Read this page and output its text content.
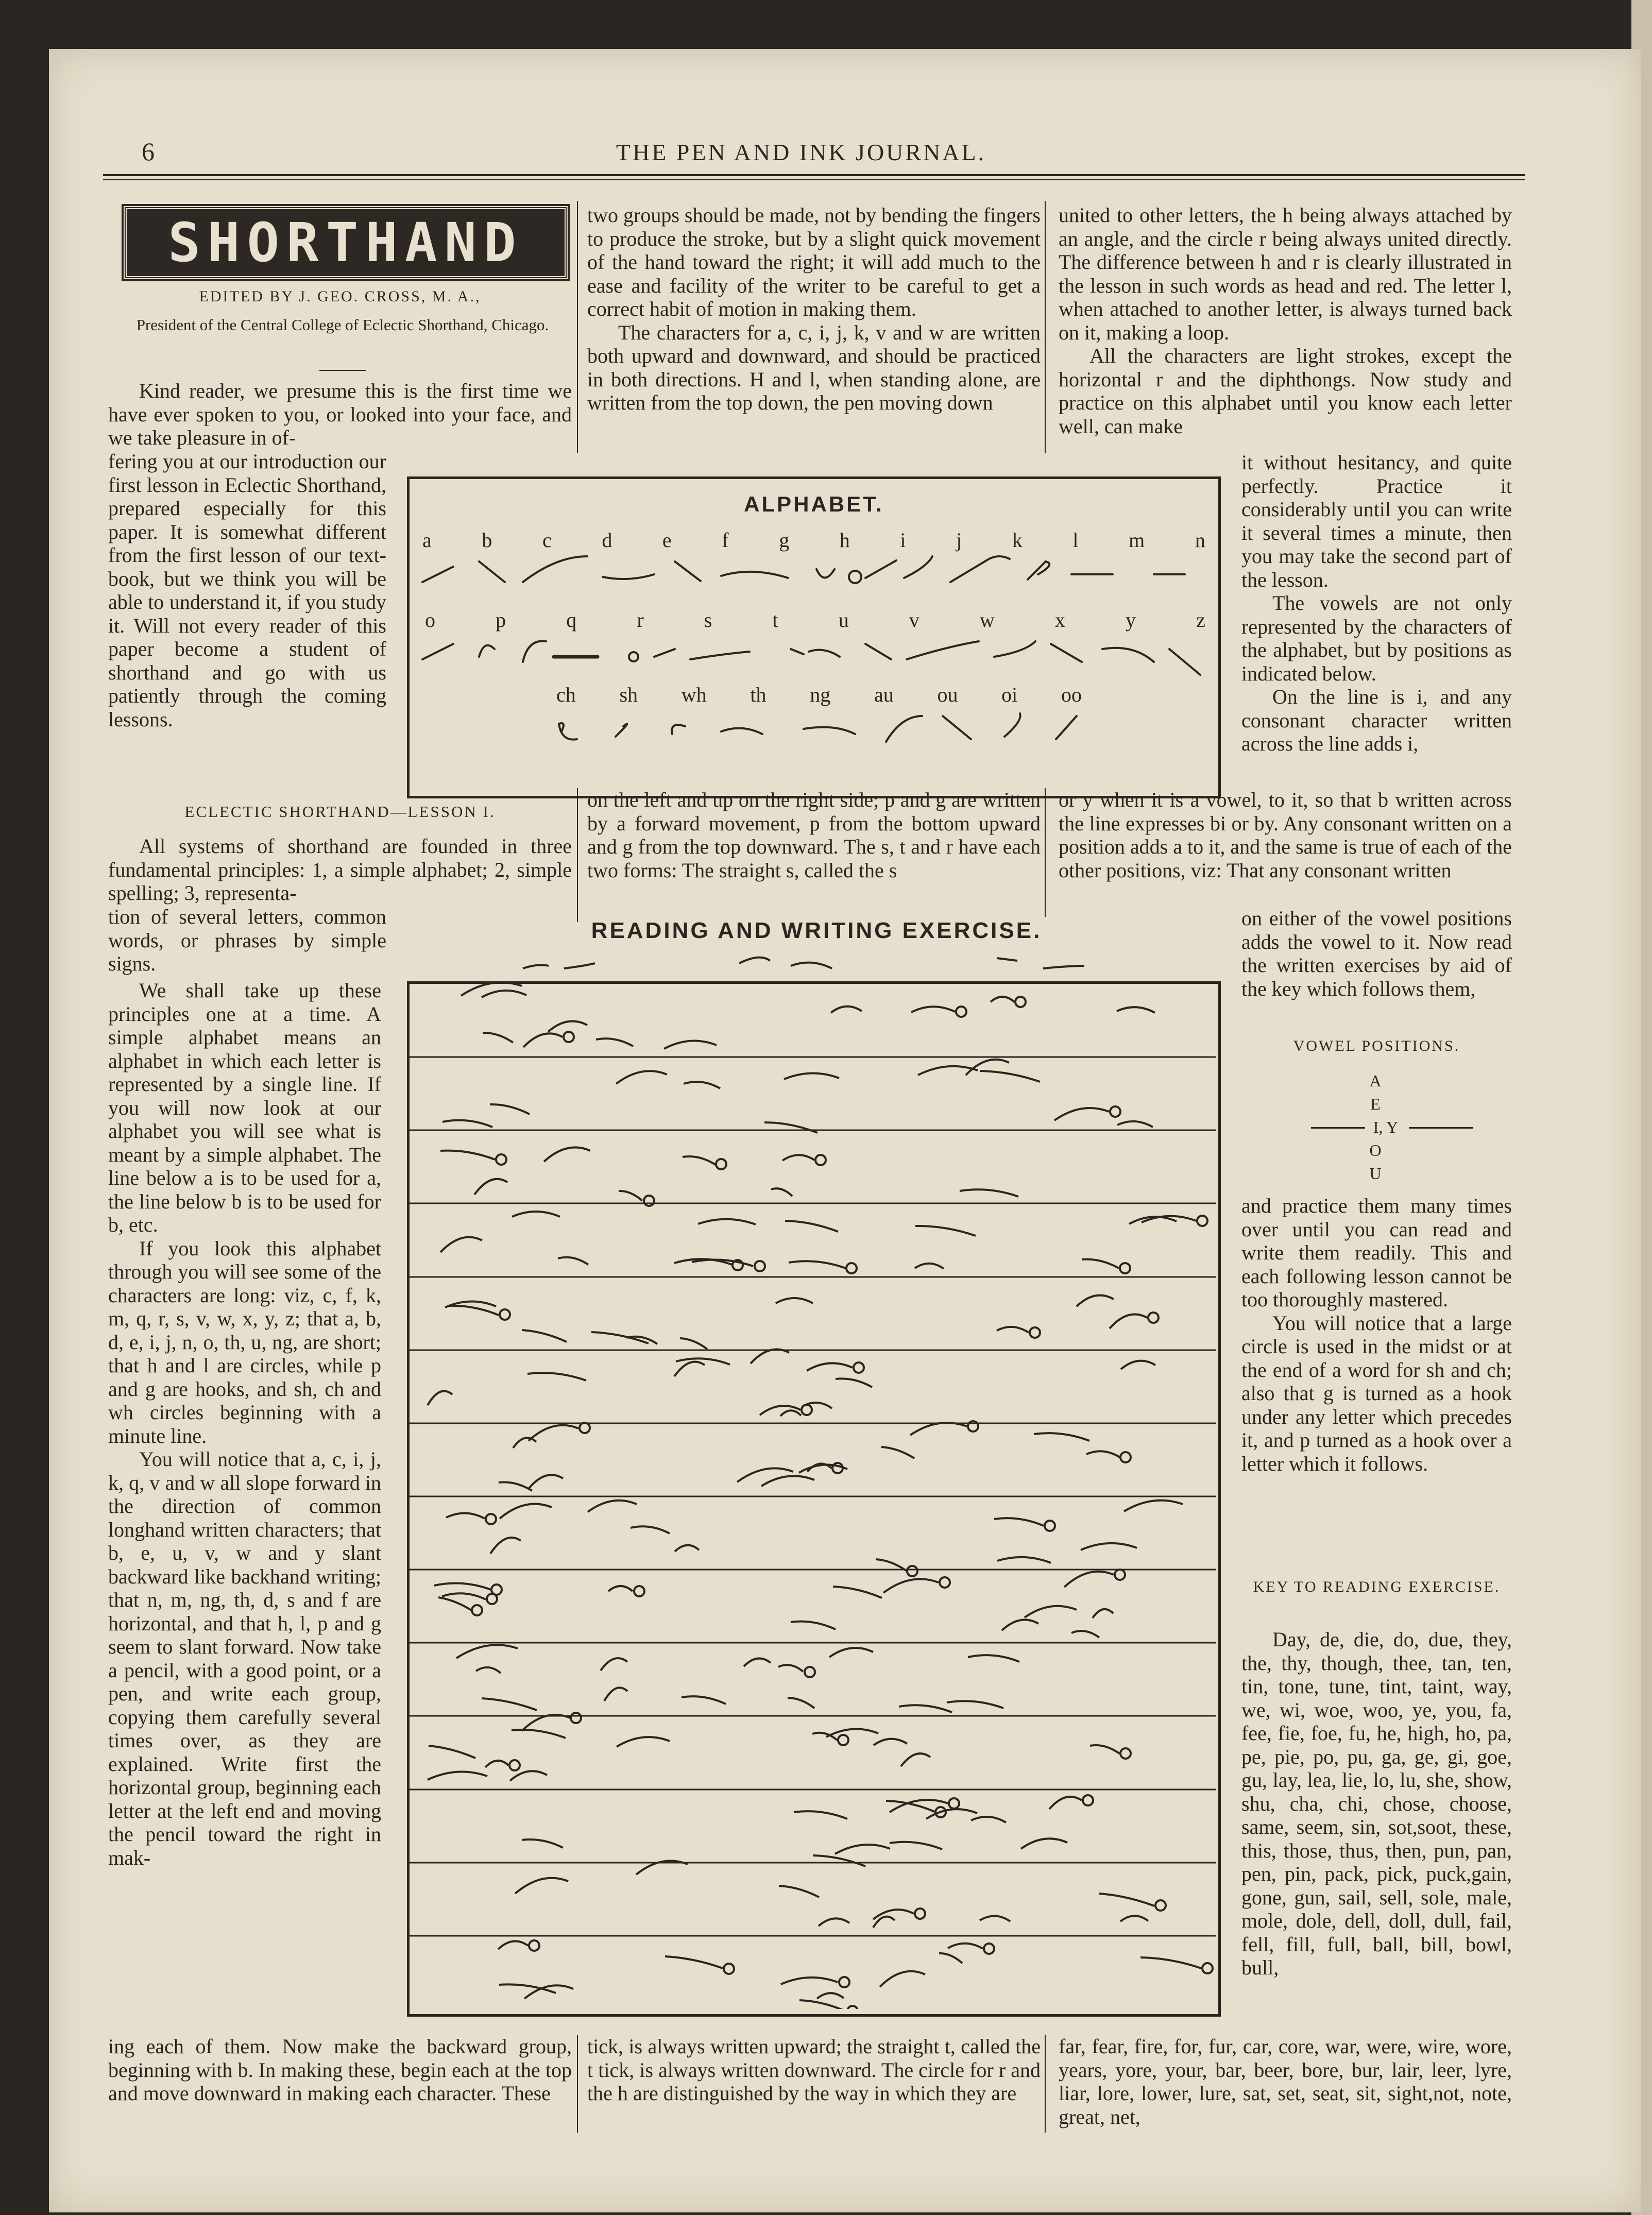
6	THE PEN AND INK JOURNAL.
SHORTHAND
EDITED BY J. GEO. CROSS, M. A.,
President of the Central College of Eclectic Shorthand, Chicago.

Kind reader, we presume this is the first time we have ever spoken to you, or looked into your face, and we take pleasure in of-

fering you at our introduction our first lesson in Eclectic Shorthand, prepared especially for this paper. It is somewhat different from the first lesson of our text-book, but we think you will be able to understand it, if you study it. Will not every reader of this paper become a student of shorthand and go with us patiently through the coming lessons.

ECLECTIC SHORTHAND—LESSON I.

All systems of shorthand are founded in three fundamental principles: 1, a simple alphabet; 2, simple spelling; 3, representa-

tion of several letters, common words, or phrases by simple signs.

We shall take up these principles one at a time. A simple alphabet means an alphabet in which each letter is represented by a single line. If you will now look at our alphabet you will see what is meant by a simple alphabet. The line below a is to be used for a, the line below b is to be used for b, etc.

If you look this alphabet through you will see some of the characters are long: viz, c, f, k, m, q, r, s, v, w, x, y, z; that a, b, d, e, i, j, n, o, th, u, ng, are short; that h and l are circles, while p and g are hooks, and sh, ch and wh circles beginning with a minute line.

You will notice that a, c, i, j, k, q, v and w all slope forward in the direction of common longhand written characters; that b, e, u, v, w and y slant backward like backhand writing; that n, m, ng, th, d, s and f are horizontal, and that h, l, p and g seem to slant forward. Now take a pencil, with a good point, or a pen, and write each group, copying them carefully several times over, as they are explained. Write first the horizontal group, beginning each letter at the left end and moving the pencil toward the right in mak-

ing each of them. Now make the backward group, beginning with b. In making these, begin each at the top and move downward in making each character. These

two groups should be made, not by bending the fingers to produce the stroke, but by a slight quick movement of the hand toward the right; it will add much to the ease and facility of the writer to be careful to get a correct habit of motion in making them.

The characters for a, c, i, j, k, v and w are written both upward and downward, and should be practiced in both directions. H and l, when standing alone, are written from the top down, the pen moving down

on the left and up on the right side; p and g are written by a forward movement, p from the bottom upward and g from the top downward. The s, t and r have each two forms: The straight s, called the s

tick, is always written upward; the straight t, called the t tick, is always written downward. The circle for r and the h are distinguished by the way in which they are

united to other letters, the h being always attached by an angle, and the circle r being always united directly. The difference between h and r is clearly illustrated in the lesson in such words as head and red. The letter l, when attached to another letter, is always turned back on it, making a loop.

All the characters are light strokes, except the horizontal r and the diphthongs. Now study and practice on this alphabet until you know each letter well, can make

it without hesitancy, and quite perfectly. Practice it considerably until you can write it several times a minute, then you may take the second part of the lesson.

The vowels are not only represented by the characters of the alphabet, but by positions as indicated below.

On the line is i, and any consonant character written across the line adds i,

or y when it is a vowel, to it, so that b written across the line expresses bi or by. Any consonant written on a position adds a to it, and the same is true of each of the other positions, viz: That any consonant written

on either of the vowel positions adds the vowel to it. Now read the written exercises by aid of the key which follows them,

VOWEL POSITIONS.
A
E
I, Y
O
U

and practice them many times over until you can read and write them readily. This and each following lesson cannot be too thoroughly mastered.

You will notice that a large circle is used in the midst or at the end of a word for sh and ch; also that g is turned as a hook under any letter which precedes it, and p turned as a hook over a letter which it follows.

KEY TO READING EXERCISE.

Day, de, die, do, due, they, the, thy, though, thee, tan, ten, tin, tone, tune, tint, taint, way, we, wi, woe, woo, ye, you, fa, fee, fie, foe, fu, he, high, ho, pa, pe, pie, po, pu, ga, ge, gi, goe, gu, lay, lea, lie, lo, lu, she, show, shu, cha, chi, chose, choose, same, seem, sin, sot,soot, these, this, those, thus, then, pun, pan, pen, pin, pack, pick, puck,gain, gone, gun, sail, sell, sole, male, mole, dole, dell, doll, dull, fail, fell, fill, full, ball, bill, bowl, bull,

far, fear, fire, for, fur, car, core, war, were, wire, wore, years, yore, your, bar, beer, bore, bur, lair, leer, lyre, liar, lore, lower, lure, sat, set, seat, sit, sight,not, note, great, net,

ALPHABET.
a b c d e f g h i j k l m n
o	p	q	r	s	t	u	v	w	x	y	z
ch sh wh th ng au ou oi oo
READING AND WRITING EXERCISE.
